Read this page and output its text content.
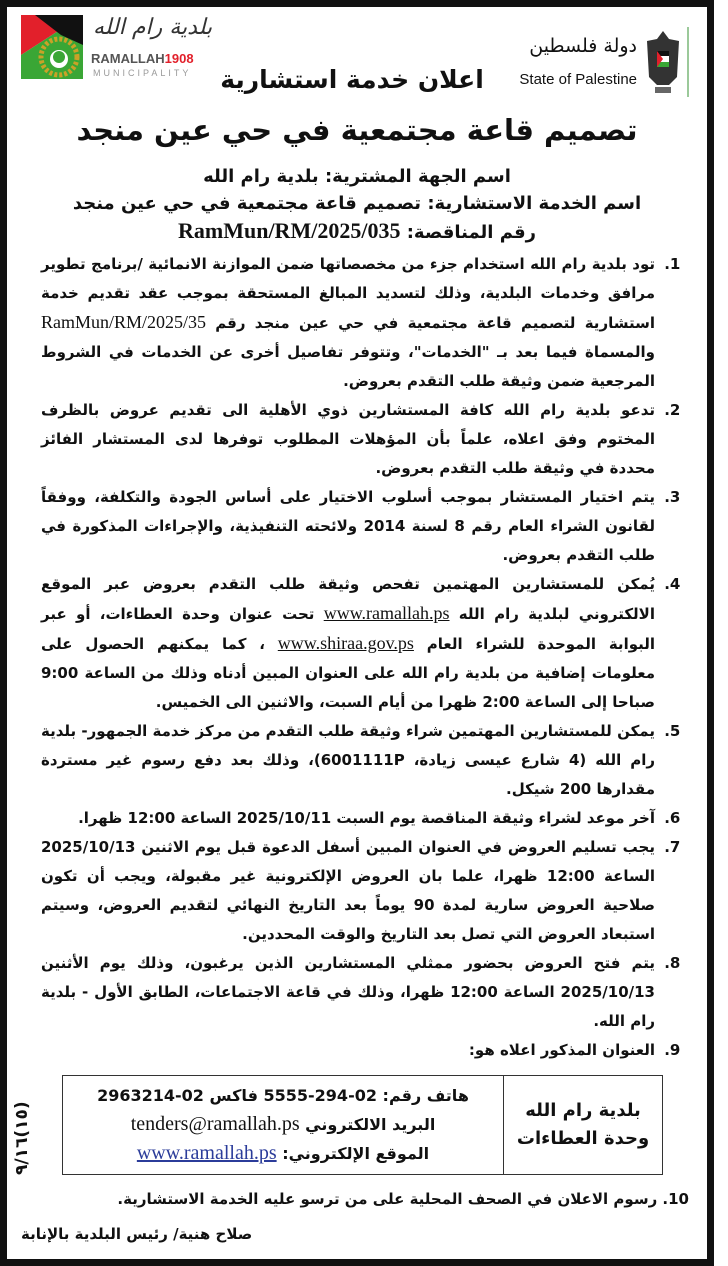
بلدية رام الله
RAMALLAH1908
MUNICIPALITY
دولة فلسطين
State of Palestine
اعلان خدمة استشارية
تصميم قاعة مجتمعية في حي عين منجد
اسم الجهة المشترية: بلدية رام الله
اسم الخدمة الاستشارية: تصميم قاعة مجتمعية في حي عين منجد
رقم المناقصة: RamMun/RM/2025/035
1. تود بلدية رام الله استخدام جزء من مخصصاتها ضمن الموازنة الانمائية /برنامج تطوير مرافق وخدمات البلدية، وذلك لتسديد المبالغ المستحقة بموجب عقد تقديم خدمة استشارية لتصميم قاعة مجتمعية في حي عين منجد رقم RamMun/RM/2025/35 والمسماة فيما بعد بـ "الخدمات"، وتتوفر تفاصيل أخرى عن الخدمات في الشروط المرجعية ضمن وثيقة طلب التقدم بعروض.
2. تدعو بلدية رام الله كافة المستشارين ذوي الأهلية الى تقديم عروض بالظرف المختوم وفق اعلاه، علماً بأن المؤهلات المطلوب توفرها لدى المستشار الفائز محددة في وثيقة طلب التقدم بعروض.
3. يتم اختيار المستشار بموجب أسلوب الاختيار على أساس الجودة والتكلفة، ووفقاً لقانون الشراء العام رقم 8 لسنة 2014 ولائحته التنفيذية، والإجراءات المذكورة في طلب التقدم بعروض.
4. يُمكن للمستشارين المهتمين تفحص وثيقة طلب التقدم بعروض عبر الموقع الالكتروني لبلدية رام الله www.ramallah.ps تحت عنوان وحدة العطاءات، أو عبر البوابة الموحدة للشراء العام www.shiraa.gov.ps ، كما يمكنهم الحصول على معلومات إضافية من بلدية رام الله على العنوان المبين أدناه وذلك من الساعة 9:00 صباحا إلى الساعة 2:00 ظهرا من أيام السبت، والاثنين الى الخميس.
5. يمكن للمستشارين المهتمين شراء وثيقة طلب التقدم من مركز خدمة الجمهور- بلدية رام الله (4 شارع عيسى زيادة، 6001111P)، وذلك بعد دفع رسوم غير مستردة مقدارها 200 شيكل.
6. آخر موعد لشراء وثيقة المناقصة يوم السبت 2025/10/11 الساعة 12:00 ظهرا.
7. يجب تسليم العروض في العنوان المبين أسفل الدعوة قبل يوم الاثنين 2025/10/13 الساعة 12:00 ظهرا، علما بان العروض الإلكترونية غير مقبولة، ويجب أن تكون صلاحية العروض سارية لمدة 90 يوماً بعد التاريخ النهائي لتقديم العروض، وسيتم استبعاد العروض التي تصل بعد التاريخ والوقت المحددين.
8. يتم فتح العروض بحضور ممثلي المستشارين الذين يرغبون، وذلك يوم الأثنين 2025/10/13 الساعة 12:00 ظهرا، وذلك في قاعة الاجتماعات، الطابق الأول - بلدية رام الله.
9. العنوان المذكور اعلاه هو:
(١٥)٩/١٦	بلدية رام الله
وحدة العطاءات
هاتف رقم: 02-294-5555 فاكس 02-2963214
البريد الالكتروني tenders@ramallah.ps
الموقع الإلكتروني: www.ramallah.ps
10. رسوم الاعلان في الصحف المحلية على من ترسو عليه الخدمة الاستشارية.
صلاح هنية/ رئيس البلدية بالإنابة
